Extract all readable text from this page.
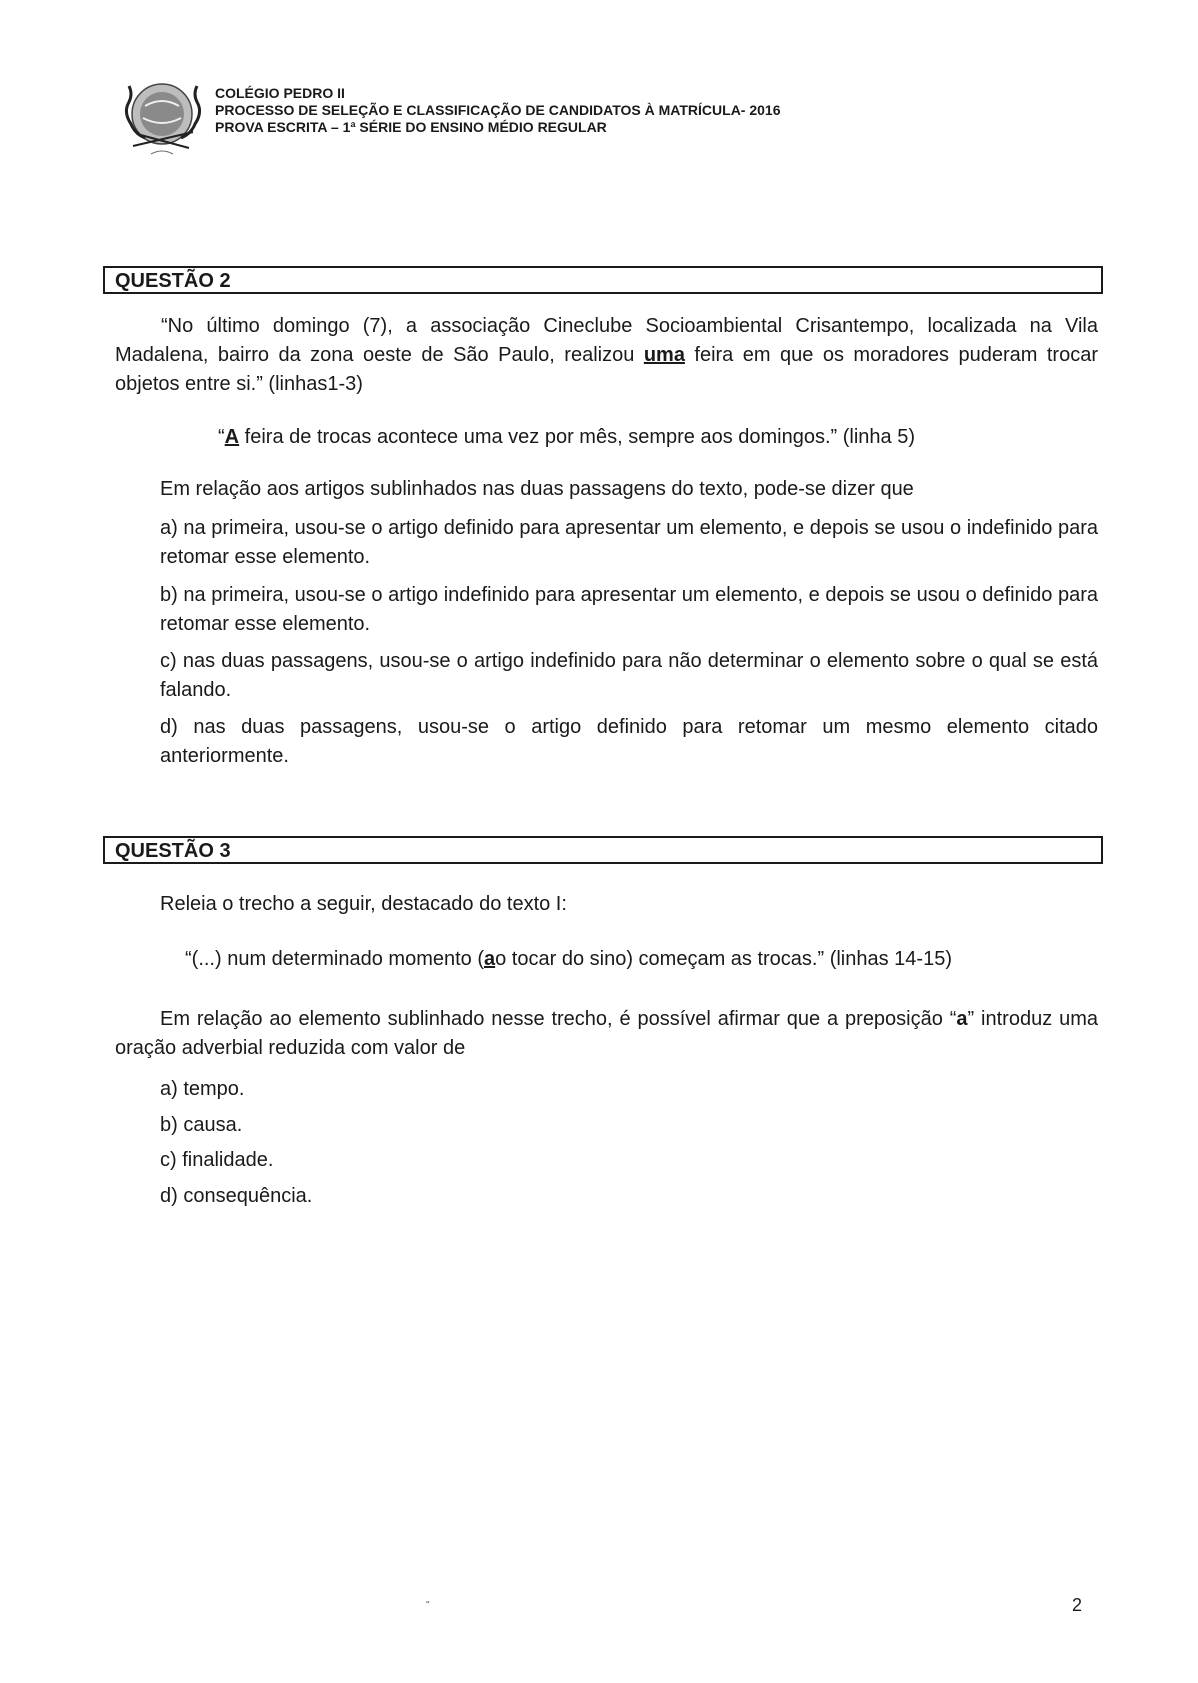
COLÉGIO PEDRO II
PROCESSO DE SELEÇÃO E CLASSIFICAÇÃO DE CANDIDATOS À MATRÍCULA- 2016
PROVA ESCRITA – 1ª SÉRIE DO ENSINO MÉDIO REGULAR
QUESTÃO 2

“No último domingo (7), a associação Cineclube Socioambiental Crisantempo, localizada na Vila Madalena, bairro da zona oeste de São Paulo, realizou uma feira em que os moradores puderam trocar objetos entre si.” (linhas1-3)

“A feira de trocas acontece uma vez por mês, sempre aos domingos.” (linha 5)

Em relação aos artigos sublinhados nas duas passagens do texto, pode-se dizer que

a) na primeira, usou-se o artigo definido para apresentar um elemento, e depois se usou o indefinido para retomar esse elemento.

b) na primeira, usou-se o artigo indefinido para apresentar um elemento, e depois se usou o definido para retomar esse elemento.

c) nas duas passagens, usou-se o artigo indefinido para não determinar o elemento sobre o qual se está falando.

d) nas duas passagens, usou-se o artigo definido para retomar um mesmo elemento citado anteriormente.

QUESTÃO 3

Releia o trecho a seguir, destacado do texto I:

“(...) num determinado momento (ao tocar do sino) começam as trocas.” (linhas 14-15)

Em relação ao elemento sublinhado nesse trecho, é possível afirmar que a preposição “a” introduz uma oração adverbial reduzida com valor de

a) tempo.

b) causa.

c) finalidade.

d) consequência.

"	2
